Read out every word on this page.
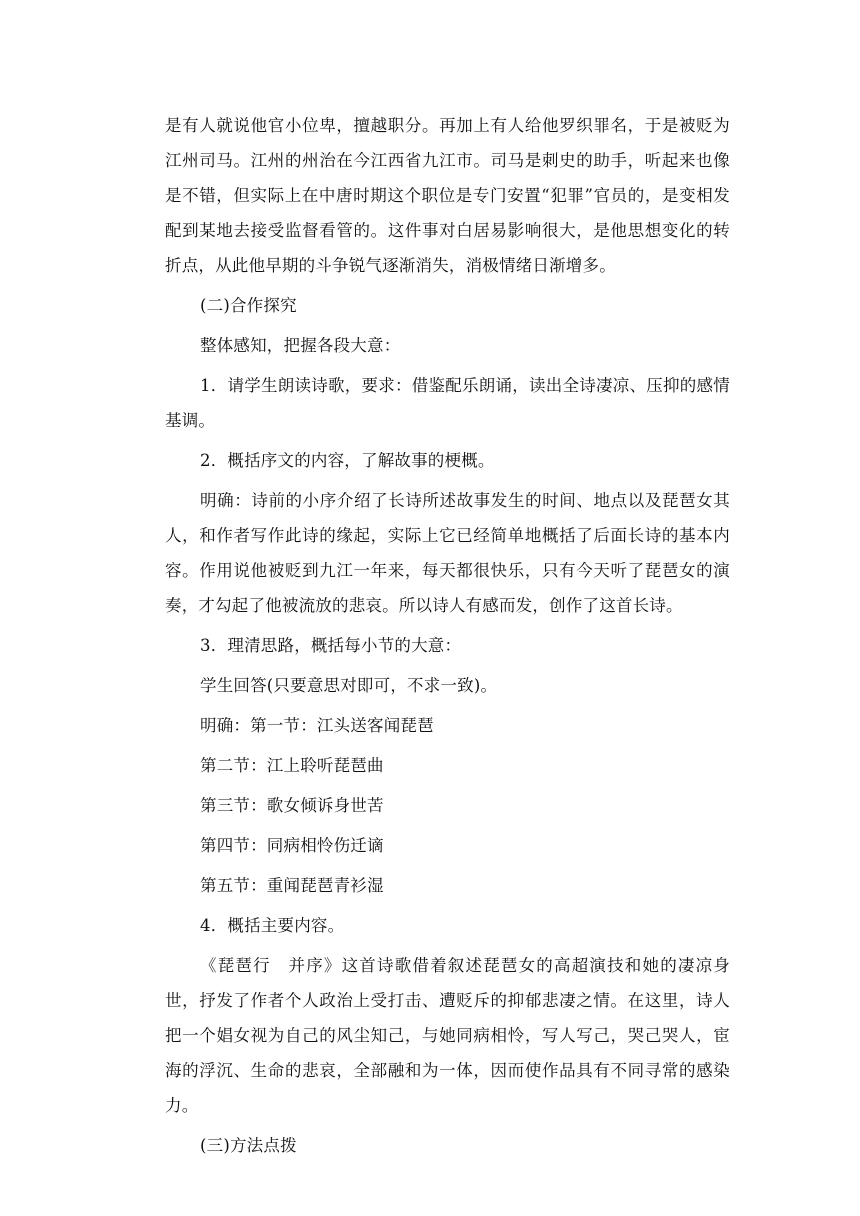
是有人就说他官小位卑，擅越职分。再加上有人给他罗织罪名，于是被贬为江州司马。江州的州治在今江西省九江市。司马是刺史的助手，听起来也像是不错，但实际上在中唐时期这个职位是专门安置“犯罪”官员的，是变相发配到某地去接受监督看管的。这件事对白居易影响很大，是他思想变化的转折点，从此他早期的斗争锐气逐渐消失，消极情绪日渐增多。

(二)合作探究

整体感知，把握各段大意：

1．请学生朗读诗歌，要求：借鉴配乐朗诵，读出全诗凄凉、压抑的感情基调。

2．概括序文的内容，了解故事的梗概。

明确：诗前的小序介绍了长诗所述故事发生的时间、地点以及琵琶女其人，和作者写作此诗的缘起，实际上它已经简单地概括了后面长诗的基本内容。作用说他被贬到九江一年来，每天都很快乐，只有今天听了琵琶女的演奏，才勾起了他被流放的悲哀。所以诗人有感而发，创作了这首长诗。

3．理清思路，概括每小节的大意：

学生回答(只要意思对即可，不求一致)。

明确：第一节：江头送客闻琵琶

第二节：江上聆听琵琶曲

第三节：歌女倾诉身世苦

第四节：同病相怜伤迁谪

第五节：重闻琵琶青衫湿

4．概括主要内容。

《琵琶行　并序》这首诗歌借着叙述琵琶女的高超演技和她的凄凉身世，抒发了作者个人政治上受打击、遭贬斥的抑郁悲凄之情。在这里，诗人把一个娼女视为自己的风尘知己，与她同病相怜，写人写己，哭己哭人，宦海的浮沉、生命的悲哀，全部融和为一体，因而使作品具有不同寻常的感染力。

(三)方法点拨
